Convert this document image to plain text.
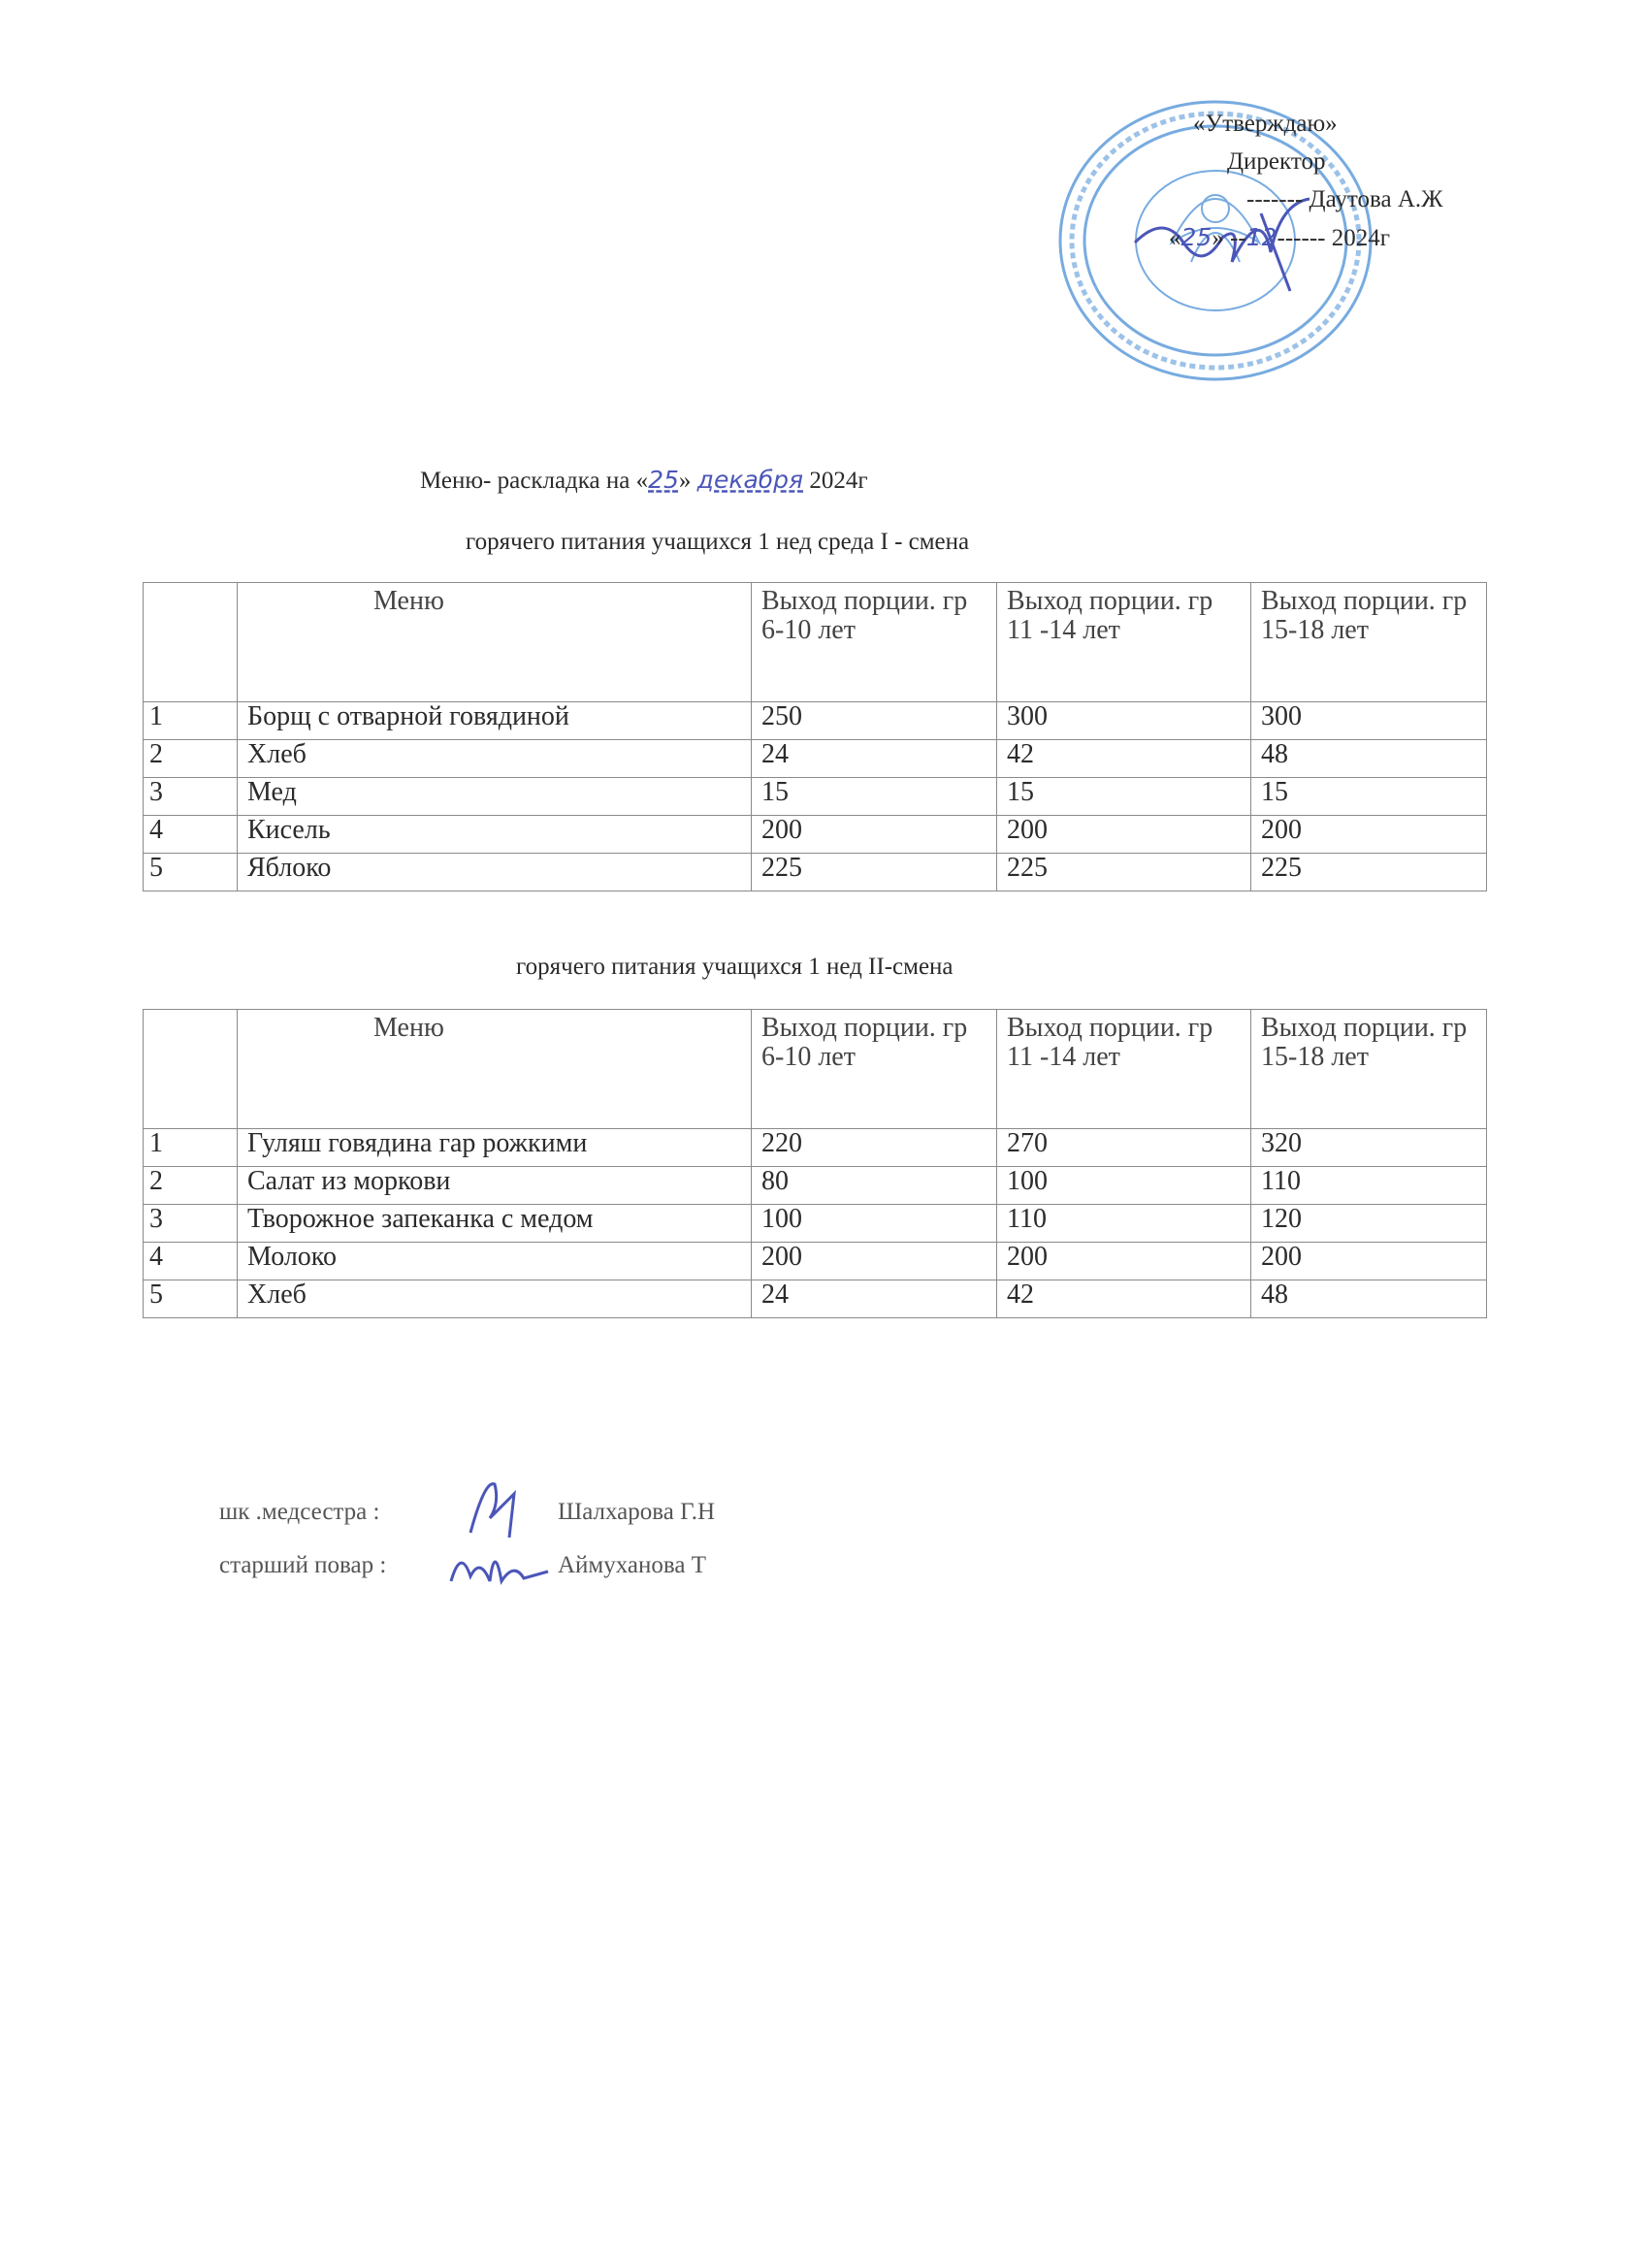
«Утверждаю»
Директор
------- Даутова А.Ж
«25» --12------ 2024г
Меню- раскладка на «25» декабря 2024г
горячего питания учащихся 1 нед среда I - смена
	Меню	Выход порции. гр 6-10 лет	Выход порции. гр 11 -14 лет	Выход порции. гр 15-18 лет
1	Борщ с отварной говядиной	250	300	300
2	Хлеб	24	42	48
3	Мед	15	15	15
4	Кисель	200	200	200
5	Яблоко	225	225	225
горячего питания учащихся 1 нед II-смена
	Меню	Выход порции. гр 6-10 лет	Выход порции. гр 11 -14 лет	Выход порции. гр 15-18 лет
1	Гуляш говядина гар рожкими	220	270	320
2	Салат из моркови	80	100	110
3	Творожное запеканка с медом	100	110	120
4	Молоко	200	200	200
5	Хлеб	24	42	48
шк .медсестра :	Шалхарова Г.Н
старший повар :	Аймуханова Т
